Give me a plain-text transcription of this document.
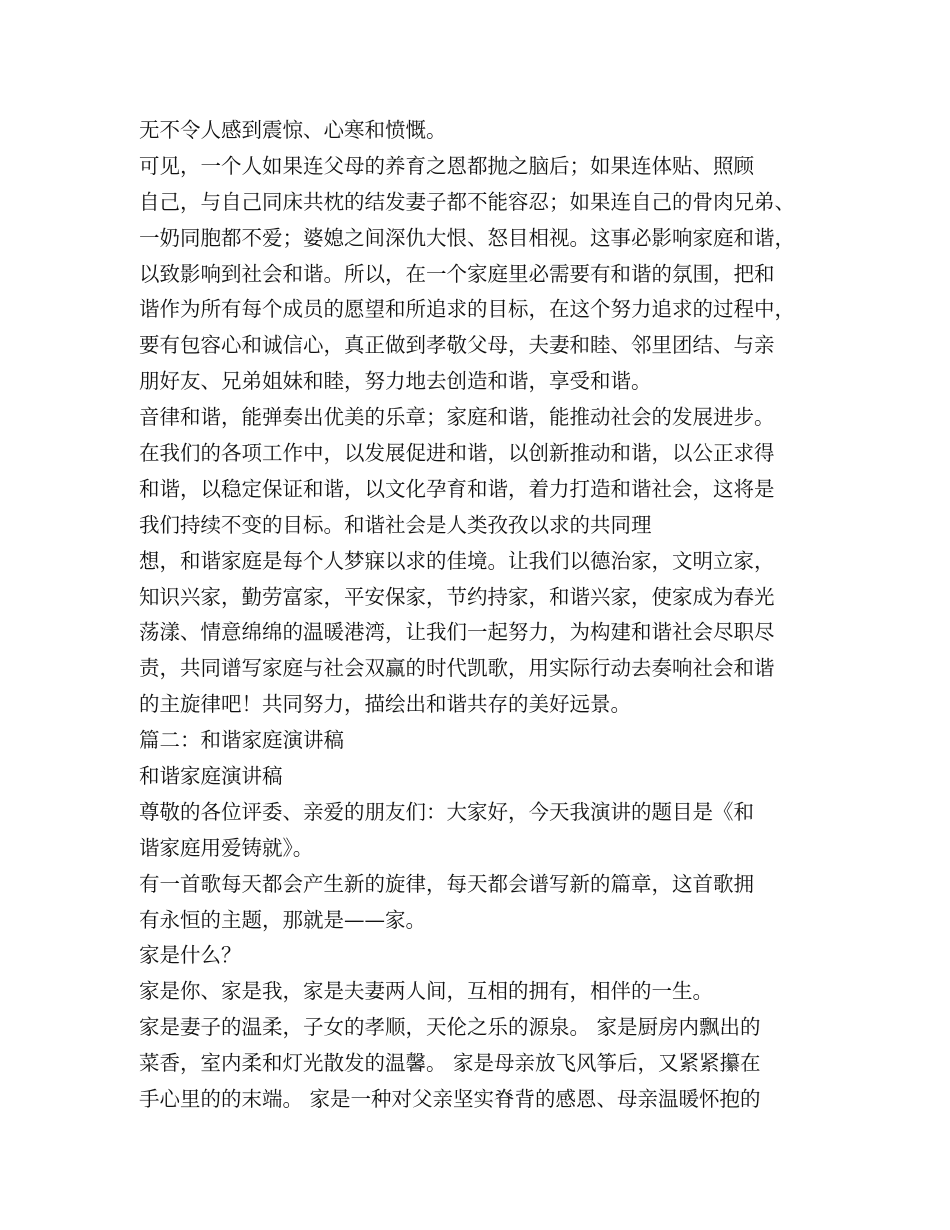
无不令人感到震惊、心寒和愤慨。
可见，一个人如果连父母的养育之恩都抛之脑后；如果连体贴、照顾
自己，与自己同床共枕的结发妻子都不能容忍；如果连自己的骨肉兄弟、
一奶同胞都不爱；婆媳之间深仇大恨、怒目相视。这事必影响家庭和谐，
以致影响到社会和谐。所以，在一个家庭里必需要有和谐的氛围，把和
谐作为所有每个成员的愿望和所追求的目标，在这个努力追求的过程中，
要有包容心和诚信心，真正做到孝敬父母，夫妻和睦、邻里团结、与亲
朋好友、兄弟姐妹和睦，努力地去创造和谐，享受和谐。
音律和谐，能弹奏出优美的乐章；家庭和谐，能推动社会的发展进步。
在我们的各项工作中，以发展促进和谐，以创新推动和谐，以公正求得
和谐，以稳定保证和谐，以文化孕育和谐，着力打造和谐社会，这将是
我们持续不变的目标。和谐社会是人类孜孜以求的共同理
想，和谐家庭是每个人梦寐以求的佳境。让我们以德治家，文明立家，
知识兴家，勤劳富家，平安保家，节约持家，和谐兴家，使家成为春光
荡漾、情意绵绵的温暖港湾，让我们一起努力，为构建和谐社会尽职尽
责，共同谱写家庭与社会双赢的时代凯歌，用实际行动去奏响社会和谐
的主旋律吧！共同努力，描绘出和谐共存的美好远景。
篇二：和谐家庭演讲稿
和谐家庭演讲稿
尊敬的各位评委、亲爱的朋友们：大家好，今天我演讲的题目是《和
谐家庭用爱铸就》。
有一首歌每天都会产生新的旋律，每天都会谱写新的篇章，这首歌拥
有永恒的主题，那就是——家。
家是什么？
家是你、家是我，家是夫妻两人间，互相的拥有，相伴的一生。
家是妻子的温柔，子女的孝顺，天伦之乐的源泉。 家是厨房内飘出的
菜香，室内柔和灯光散发的温馨。 家是母亲放飞风筝后，又紧紧攥在
手心里的的末端。 家是一种对父亲坚实脊背的感恩、母亲温暖怀抱的
